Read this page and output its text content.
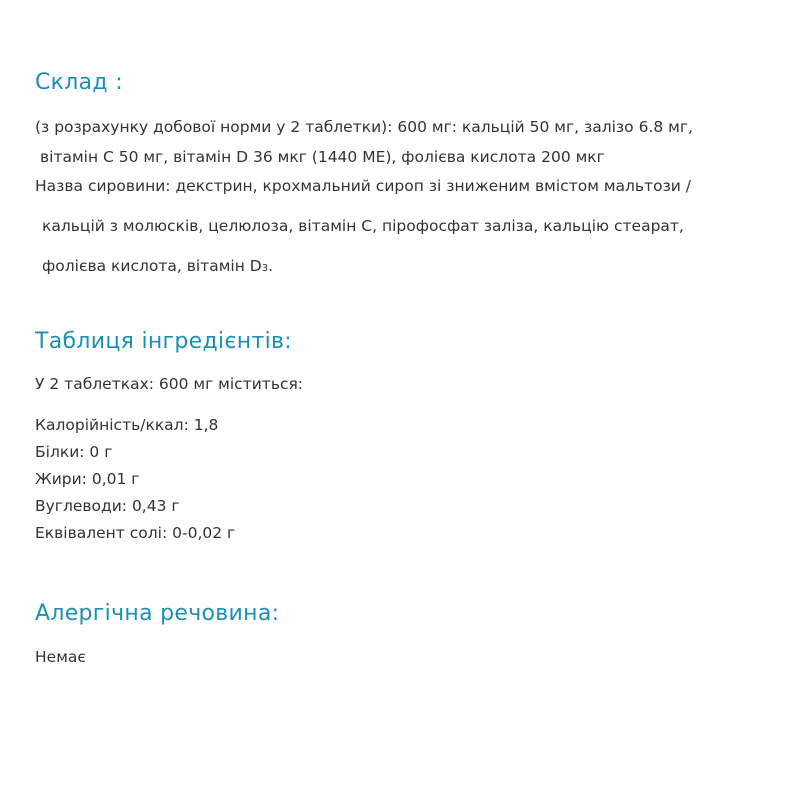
Склад :
(з розрахунку добової норми у 2 таблетки): 600 мг: кальцій 50 мг, залізо 6.8 мг,
вітамін C 50 мг, вітамін D 36 мкг (1440 ME), фолієва кислота 200 мкг
Назва сировини: декстрин, крохмальний сироп зі зниженим вмістом мальтози /
кальцій з молюсків, целюлоза, вітамін C, пірофосфат заліза, кальцію стеарат,
фолієва кислота, вітамін D3.
Таблиця інгредієнтів:
У 2 таблетках: 600 мг міститься:
Калорійність/ккал: 1,8
Білки: 0 г
Жири: 0,01 г
Вуглеводи: 0,43 г
Еквівалент солі: 0-0,02 г
Алергічна речовина:
Немає
